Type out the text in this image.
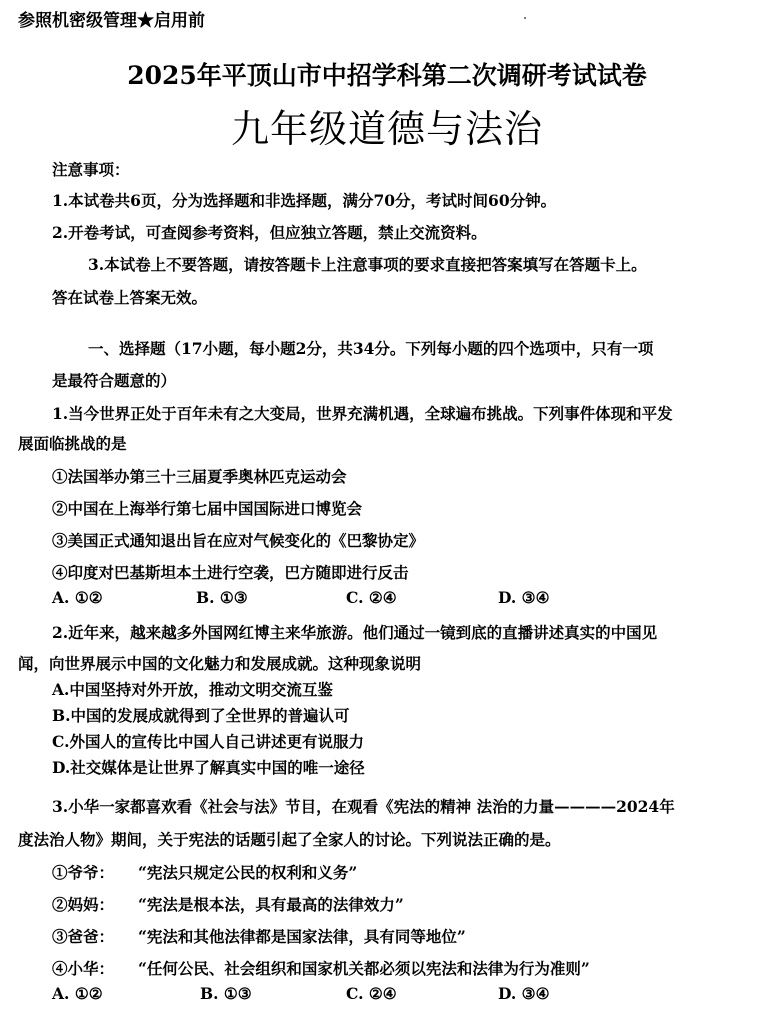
参照机密级管理★启用前
2025年平顶山市中招学科第二次调研考试试卷
九年级道德与法治
注意事项：
1.本试卷共6页，分为选择题和非选择题，满分70分，考试时间60分钟。
2.开卷考试，可查阅参考资料，但应独立答题，禁止交流资料。
3.本试卷上不要答题，请按答题卡上注意事项的要求直接把答案填写在答题卡上。
答在试卷上答案无效。
一、选择题（17小题，每小题2分，共34分。下列每小题的四个选项中，只有一项
是最符合题意的）
1.当今世界正处于百年未有之大变局，世界充满机遇，全球遍布挑战。下列事件体现和平发
展面临挑战的是
①法国举办第三十三届夏季奥林匹克运动会
②中国在上海举行第七届中国国际进口博览会
③美国正式通知退出旨在应对气候变化的《巴黎协定》
④印度对巴基斯坦本土进行空袭，巴方随即进行反击
A. ①②	B. ①③	C. ②④	D. ③④
2.近年来，越来越多外国网红博主来华旅游。他们通过一镜到底的直播讲述真实的中国见
闻，向世界展示中国的文化魅力和发展成就。这种现象说明
A.中国坚持对外开放，推动文明交流互鉴
B.中国的发展成就得到了全世界的普遍认可
C.外国人的宣传比中国人自己讲述更有说服力
D.社交媒体是让世界了解真实中国的唯一途径
3.小华一家都喜欢看《社会与法》节目，在观看《宪法的精神 法治的力量————2024年
度法治人物》期间，关于宪法的话题引起了全家人的讨论。下列说法正确的是。
①爷爷： “宪法只规定公民的权利和义务”
②妈妈： “宪法是根本法，具有最高的法律效力”
③爸爸： “宪法和其他法律都是国家法律，具有同等地位”
④小华： “任何公民、社会组织和国家机关都必须以宪法和法律为行为准则”
A. ①②	B. ①③	C. ②④	D. ③④
